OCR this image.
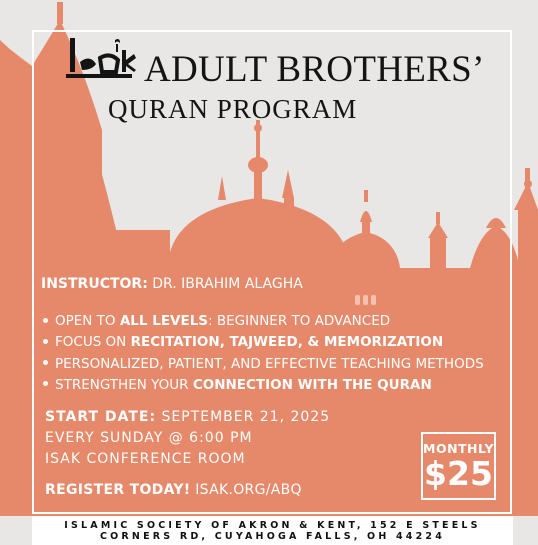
ADULT BROTHERS’
QURAN PROGRAM
INSTRUCTOR: DR. IBRAHIM ALAGHA
OPEN TO ALL LEVELS: BEGINNER TO ADVANCED
FOCUS ON RECITATION, TAJWEED, & MEMORIZATION
PERSONALIZED, PATIENT, AND EFFECTIVE TEACHING METHODS
STRENGTHEN YOUR CONNECTION WITH THE QURAN
START DATE: SEPTEMBER 21, 2025
EVERY SUNDAY @ 6:00 PM
ISAK CONFERENCE ROOM
REGISTER TODAY! ISAK.ORG/ABQ
MONTHLY
$25
ISLAMIC SOCIETY OF AKRON & KENT, 152 E STEELS
CORNERS RD, CUYAHOGA FALLS, OH 44224
